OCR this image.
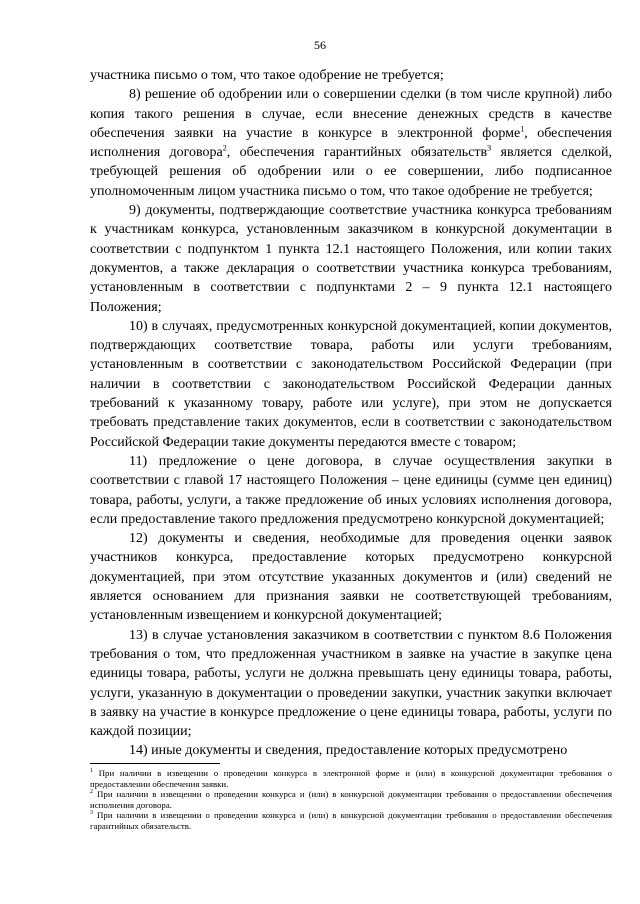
56

участника письмо о том, что такое одобрение не требуется;

8) решение об одобрении или о совершении сделки (в том числе крупной) либо копия такого решения в случае, если внесение денежных средств в качестве обеспечения заявки на участие в конкурсе в электронной форме$^1$, обеспечения исполнения договора$^2$, обеспечения гарантийных обязательств$^3$ является сделкой, требующей решения об одобрении или о ее совершении, либо подписанное уполномоченным лицом участника письмо о том, что такое одобрение не требуется;

9) документы, подтверждающие соответствие участника конкурса требованиям к участникам конкурса, установленным заказчиком в конкурсной документации в соответствии с подпунктом 1 пункта 12.1 настоящего Положения, или копии таких документов, а также декларация о соответствии участника конкурса требованиям, установленным в соответствии с подпунктами 2 – 9 пункта 12.1 настоящего Положения;

10) в случаях, предусмотренных конкурсной документацией, копии документов, подтверждающих соответствие товара, работы или услуги требованиям, установленным в соответствии с законодательством Российской Федерации (при наличии в соответствии с законодательством Российской Федерации данных требований к указанному товару, работе или услуге), при этом не допускается требовать представление таких документов, если в соответствии с законодательством Российской Федерации такие документы передаются вместе с товаром;

11) предложение о цене договора, в случае осуществления закупки в соответствии с главой 17 настоящего Положения – цене единицы (сумме цен единиц) товара, работы, услуги, а также предложение об иных условиях исполнения договора, если предоставление такого предложения предусмотрено конкурсной документацией;

12) документы и сведения, необходимые для проведения оценки заявок участников конкурса, предоставление которых предусмотрено конкурсной документацией, при этом отсутствие указанных документов и (или) сведений не является основанием для признания заявки не соответствующей требованиям, установленным извещением и конкурсной документацией;

13) в случае установления заказчиком в соответствии с пунктом 8.6 Положения требования о том, что предложенная участником в заявке на участие в закупке цена единицы товара, работы, услуги не должна превышать цену единицы товара, работы, услуги, указанную в документации о проведении закупки, участник закупки включает в заявку на участие в конкурсе предложение о цене единицы товара, работы, услуги по каждой позиции;

14) иные документы и сведения, предоставление которых предусмотрено

$^1$ При наличии в извещении о проведении конкурса в электронной форме и (или) в конкурсной документации требования о предоставлении обеспечения заявки.

$^2$ При наличии в извещении о проведении конкурса и (или) в конкурсной документации требования о предоставлении обеспечения исполнения договора.

$^3$ При наличии в извещении о проведении конкурса и (или) в конкурсной документации требования о предоставлении обеспечения гарантийных обязательств.
